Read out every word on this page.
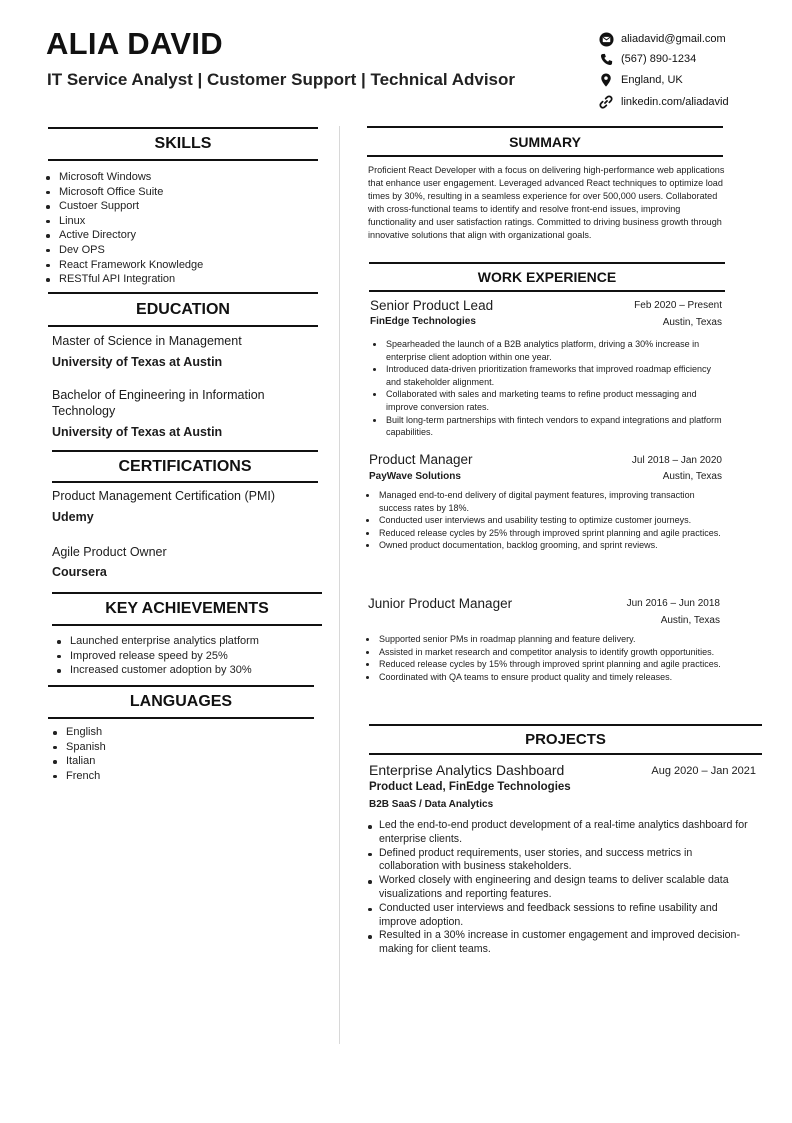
ALIA DAVID
IT Service Analyst | Customer Support | Technical Advisor
aliadavid@gmail.com
(567) 890-1234
England, UK
linkedin.com/aliadavid
SKILLS
Microsoft Windows
Microsoft Office Suite
Custoer Support
Linux
Active Directory
Dev OPS
React Framework Knowledge
RESTful API Integration
EDUCATION
Master of Science in Management
University of Texas at Austin
Bachelor of Engineering in Information
Technology
University of Texas at Austin
CERTIFICATIONS
Product Management Certification (PMI)
Udemy
Agile Product Owner
Coursera
KEY ACHIEVEMENTS
Launched enterprise analytics platform
Improved release speed by 25%
Increased customer adoption by 30%
LANGUAGES
English
Spanish
Italian
French
SUMMARY
Proficient React Developer with a focus on delivering high-performance web applications that enhance user engagement. Leveraged advanced React techniques to optimize load times by 30%, resulting in a seamless experience for over 500,000 users. Collaborated with cross-functional teams to identify and resolve front-end issues, improving functionality and user satisfaction ratings. Committed to driving business growth through innovative solutions that align with organizational goals.
WORK EXPERIENCE
Senior Product Lead	Feb 2020 – Present
FinEdge Technologies	Austin, Texas
Spearheaded the launch of a B2B analytics platform, driving a 30% increase in enterprise client adoption within one year.
Introduced data-driven prioritization frameworks that improved roadmap efficiency and stakeholder alignment.
Collaborated with sales and marketing teams to refine product messaging and improve conversion rates.
Built long-term partnerships with fintech vendors to expand integrations and platform capabilities.
Product Manager	Jul 2018 – Jan 2020
PayWave Solutions	Austin, Texas
Managed end-to-end delivery of digital payment features, improving transaction success rates by 18%.
Conducted user interviews and usability testing to optimize customer journeys.
Reduced release cycles by 25% through improved sprint planning and agile practices.
Owned product documentation, backlog grooming, and sprint reviews.
Junior Product Manager	Jun 2016 – Jun 2018
Austin, Texas
Supported senior PMs in roadmap planning and feature delivery.
Assisted in market research and competitor analysis to identify growth opportunities.
Reduced release cycles by 15% through improved sprint planning and agile practices.
Coordinated with QA teams to ensure product quality and timely releases.
PROJECTS
Enterprise Analytics Dashboard	Aug 2020 – Jan 2021
Product Lead, FinEdge Technologies
B2B SaaS / Data Analytics
Led the end-to-end product development of a real-time analytics dashboard for enterprise clients.
Defined product requirements, user stories, and success metrics in collaboration with business stakeholders.
Worked closely with engineering and design teams to deliver scalable data visualizations and reporting features.
Conducted user interviews and feedback sessions to refine usability and improve adoption.
Resulted in a 30% increase in customer engagement and improved decision-making for client teams.
